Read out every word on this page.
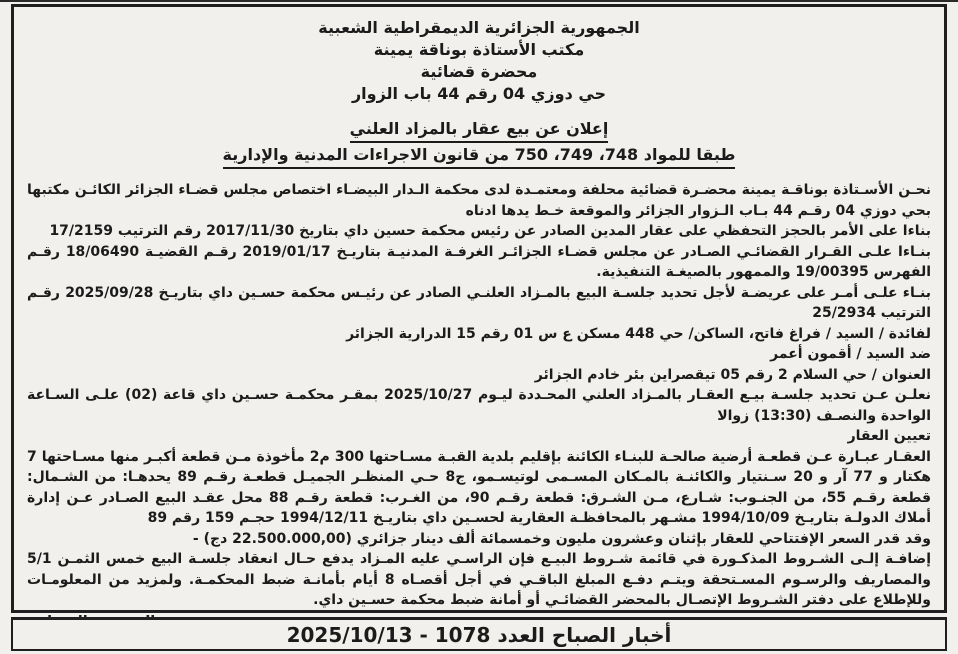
الجمهورية الجزائرية الديمقراطية الشعبية
مكتب الأستاذة بوناقة يمينة
محضرة قضائية
حي دوزي 04 رقم 44 باب الزوار
إعلان عن بيع عقار بالمزاد العلني
طبقا للمواد 748، 749، 750 من قانون الاجراءات المدنية والإدارية

نحـن الأسـتاذة بوناقـة يمينة محضـرة قضائية محلفة ومعتمـدة لدى محكمة الـدار البيضـاء اختصاص مجلس قضـاء الجزائر الكائـن مكتبها بحي دوزي 04 رقـم 44 بـاب الـزوار الجزائر والموقعة خـط يدها ادناه

بناءا على الأمر بالحجز التحفظي على عقار المدين الصادر عن رئيس محكمة حسين داي بتاريخ 2017/11/30 رقم الترتيب 17/2159

بنـاءا علـى القـرار القضائـي الصـادر عن مجلس قضـاء الجزائـر الغرفـة المدنيـة بتاريـخ 2019/01/17 رقـم القضيـة 18/06490 رقـم الفهرس 19/00395 والممهور بالصيغـة التنفيذية.

بنـاء علـى أمـر على عريضـة لأجل تحديد جلسـة البيع بالمـزاد العلنـي الصادر عن رئيـس محكمة حسـين داي بتاريـخ 2025/09/28 رقـم الترتيب 25/2934

لفائدة / السيد / فراغ فاتح، الساكن/ حي 448 مسكن ع س 01 رقم 15 الدرارية الجزائر

ضد السيد / أقمون أعمر

العنوان / حي السلام 2 رقم 05 تيقصراين بئر خادم الجزائر

نعلـن عـن تحديد جلسـة بيـع العقـار بالمـزاد العلني المحـددة ليـوم 2025/10/27 بمقـر محكمـة حسـين داي قاعة (02) علـى السـاعة الواحدة والنصـف (13:30) زوالا

تعيين العقار

العقـار عبـارة عـن قطعـة أرضية صالحـة للبنـاء الكائنة بإقليم بلدية القبـة مسـاحتها 300 م2 مأخوذة مـن قطعة أكبـر منها مسـاحتها 7 هكتار و 77 آر و 20 سـنتيار والكائنـة بالمـكان المسـمى لوتيسـمو، ج8 حـي المنظـر الجميـل قطعـة رقـم 89 يحدهـا: من الشـمال: قطعة رقـم 55، من الجنـوب: شـارع، مـن الشـرق: قطعة رقـم 90، من الغـرب: قطعة رقـم 88 محل عقـد البيع الصـادر عـن إدارة أملاك الدولـة بتاريـخ 1994/10/09 مشـهر بالمحافظـة العقارية لحسـين داي بتاريـخ 1994/12/11 حجـم 159 رقم 89

وقد قدر السعر الإفتتاحي للعقار بإثنان وعشرون مليون وخمسمائة ألف دينار جزائري (22.500.000,00 دج) -

إضافـة إلـى الشـروط المذكـورة في قائمة شـروط البيـع فإن الراسـي عليه المـزاد يدفع حـال انعقاد جلسـة البيع خمس الثمـن 5/1 والمصاريف والرسـوم المسـتحقة ويتـم دفـع المبلغ الباقـي في أجل أقصـاه 8 أيام بأمانـة ضبط المحكمـة. ولمزيد من المعلومـات وللإطلاع على دفتر الشـروط الإتصـال بالمحضر القضائـي أو أمانة ضبط محكمة حسـين داي.

أخبار الصباح العدد 1078 - 2025/10/13
